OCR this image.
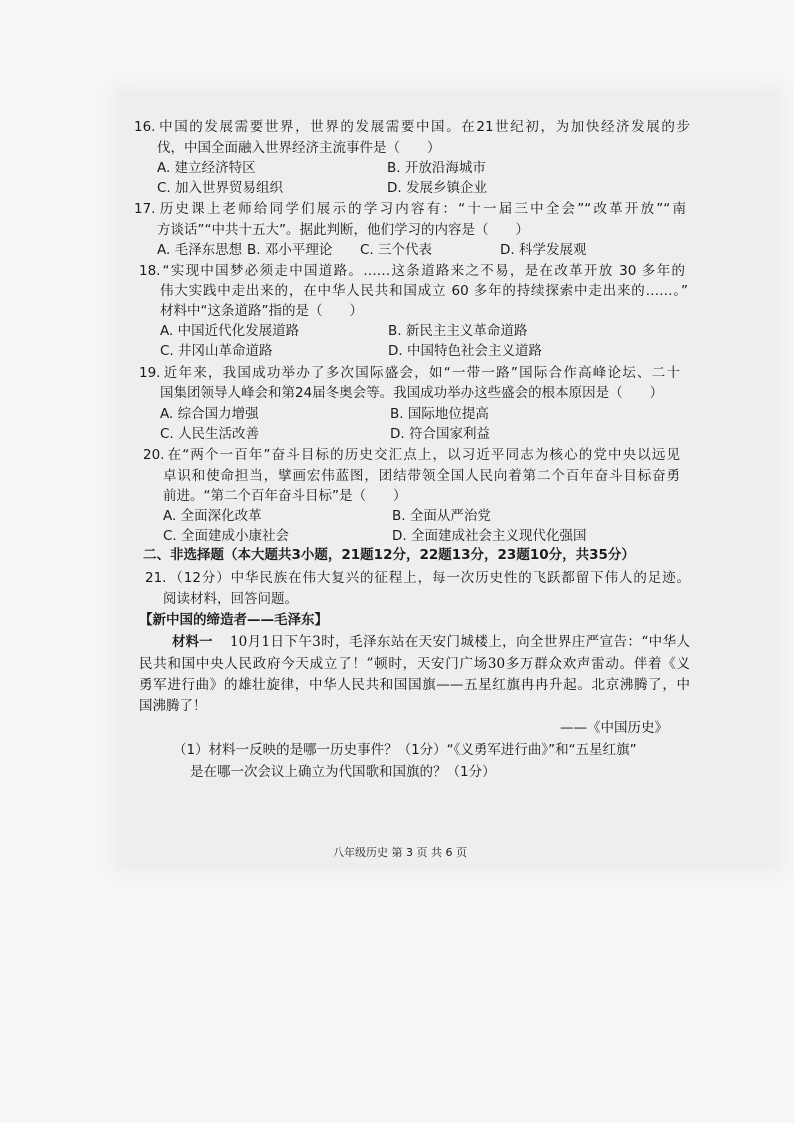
16. 中国的发展需要世界，世界的发展需要中国。在21世纪初，为加快经济发展的步
伐，中国全面融入世界经济主流事件是（　　）
A. 建立经济特区	B. 开放沿海城市
C. 加入世界贸易组织	D. 发展乡镇企业
17. 历史课上老师给同学们展示的学习内容有：“十一届三中全会”“改革开放”“南
方谈话”“中共十五大”。据此判断，他们学习的内容是（　　）
A. 毛泽东思想 B. 邓小平理论 C. 三个代表	D. 科学发展观
18. “实现中国梦必须走中国道路。……这条道路来之不易，是在改革开放 30 多年的
伟大实践中走出来的，在中华人民共和国成立 60 多年的持续探索中走出来的……。”
材料中“这条道路”指的是（　　）
A. 中国近代化发展道路	B. 新民主主义革命道路
C. 井冈山革命道路	D. 中国特色社会主义道路
19. 近年来，我国成功举办了多次国际盛会，如“一带一路”国际合作高峰论坛、二十
国集团领导人峰会和第24届冬奥会等。我国成功举办这些盛会的根本原因是（　　）
A. 综合国力增强	B. 国际地位提高
C. 人民生活改善	D. 符合国家利益
20. 在“两个一百年”奋斗目标的历史交汇点上，以习近平同志为核心的党中央以远见
卓识和使命担当，擘画宏伟蓝图，团结带领全国人民向着第二个百年奋斗目标奋勇
前进。“第二个百年奋斗目标”是（　　）
A. 全面深化改革	B. 全面从严治党
C. 全面建成小康社会	D. 全面建成社会主义现代化强国
二、非选择题（本大题共3小题，21题12分，22题13分，23题10分，共35分）
21. （12分）中华民族在伟大复兴的征程上，每一次历史性的飞跃都留下伟人的足迹。
阅读材料，回答问题。
【新中国的缔造者——毛泽东】
材料一 10月1日下午3时，毛泽东站在天安门城楼上，向全世界庄严宣告：“中华人
民共和国中央人民政府今天成立了！”顿时，天安门广场30多万群众欢声雷动。伴着《义
勇军进行曲》的雄壮旋律，中华人民共和国国旗——五星红旗冉冉升起。北京沸腾了，中
国沸腾了！
——《中国历史》
（1）材料一反映的是哪一历史事件？（1分）“《义勇军进行曲》”和“五星红旗”
是在哪一次会议上确立为代国歌和国旗的？（1分）
八年级历史 第 3 页 共 6 页
